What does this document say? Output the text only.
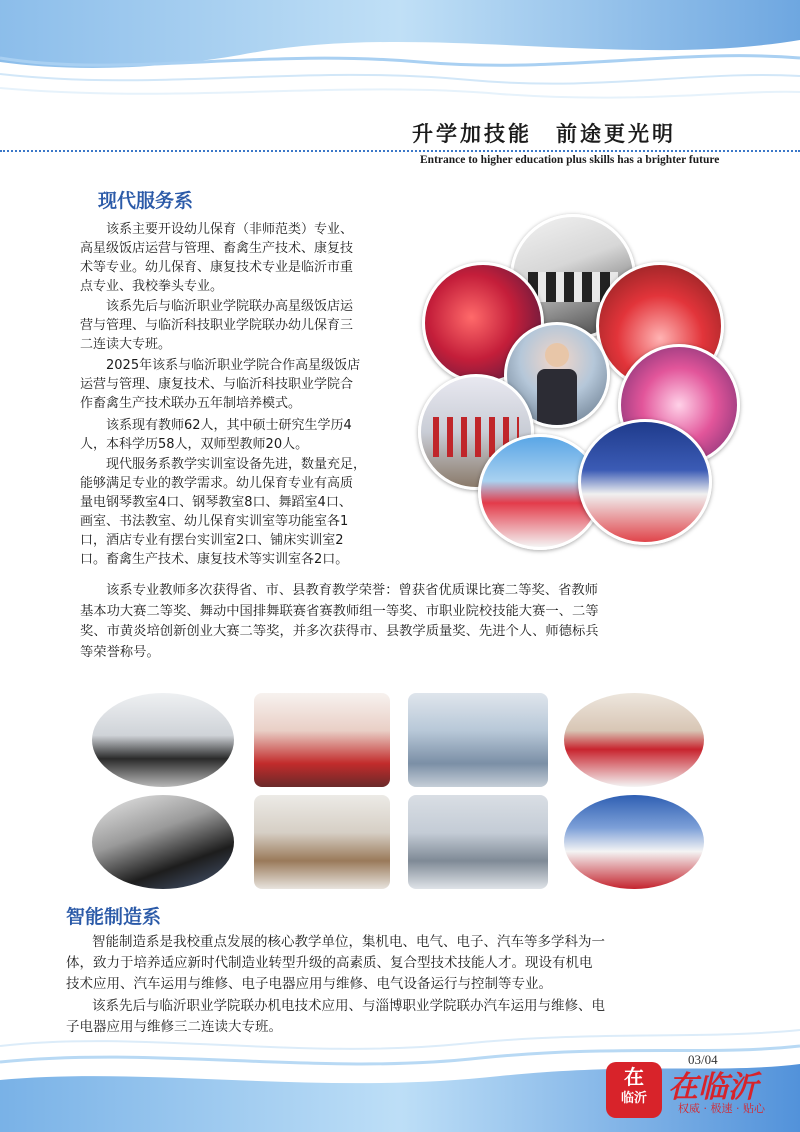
升学加技能　前途更光明
Entrance to higher education plus skills has a brighter future
现代服务系

该系主要开设幼儿保育（非师范类）专业、
高星级饭店运营与管理、畜禽生产技术、康复技
术等专业。幼儿保育、康复技术专业是临沂市重
点专业、我校拳头专业。

该系先后与临沂职业学院联办高星级饭店运
营与管理、与临沂科技职业学院联办幼儿保育三
二连读大专班。

2025年该系与临沂职业学院合作高星级饭店
运营与管理、康复技术、与临沂科技职业学院合
作畜禽生产技术联办五年制培养模式。

该系现有教师62人，其中硕士研究生学历4
人，本科学历58人，双师型教师20人。

现代服务系教学实训室设备先进，数量充足，
能够满足专业的教学需求。幼儿保育专业有高质
量电钢琴教室4口、钢琴教室8口、舞蹈室4口、
画室、书法教室、幼儿保育实训室等功能室各1
口，酒店专业有摆台实训室2口、铺床实训室2
口。畜禽生产技术、康复技术等实训室各2口。

该系专业教师多次获得省、市、县教育教学荣誉：曾获省优质课比赛二等奖、省教师
基本功大赛二等奖、舞动中国排舞联赛省赛教师组一等奖、市职业院校技能大赛一、二等
奖、市黄炎培创新创业大赛二等奖，并多次获得市、县教学质量奖、先进个人、师德标兵
等荣誉称号。

智能制造系

智能制造系是我校重点发展的核心教学单位，集机电、电气、电子、汽车等多学科为一
体，致力于培养适应新时代制造业转型升级的高素质、复合型技术技能人才。现设有机电
技术应用、汽车运用与维修、电子电器应用与维修、电气设备运行与控制等专业。

该系先后与临沂职业学院联办机电技术应用、与淄博职业学院联办汽车运用与维修、电
子电器应用与维修三二连读大专班。

03/04
在
临沂 在临沂
权威 · 极速 · 贴心
